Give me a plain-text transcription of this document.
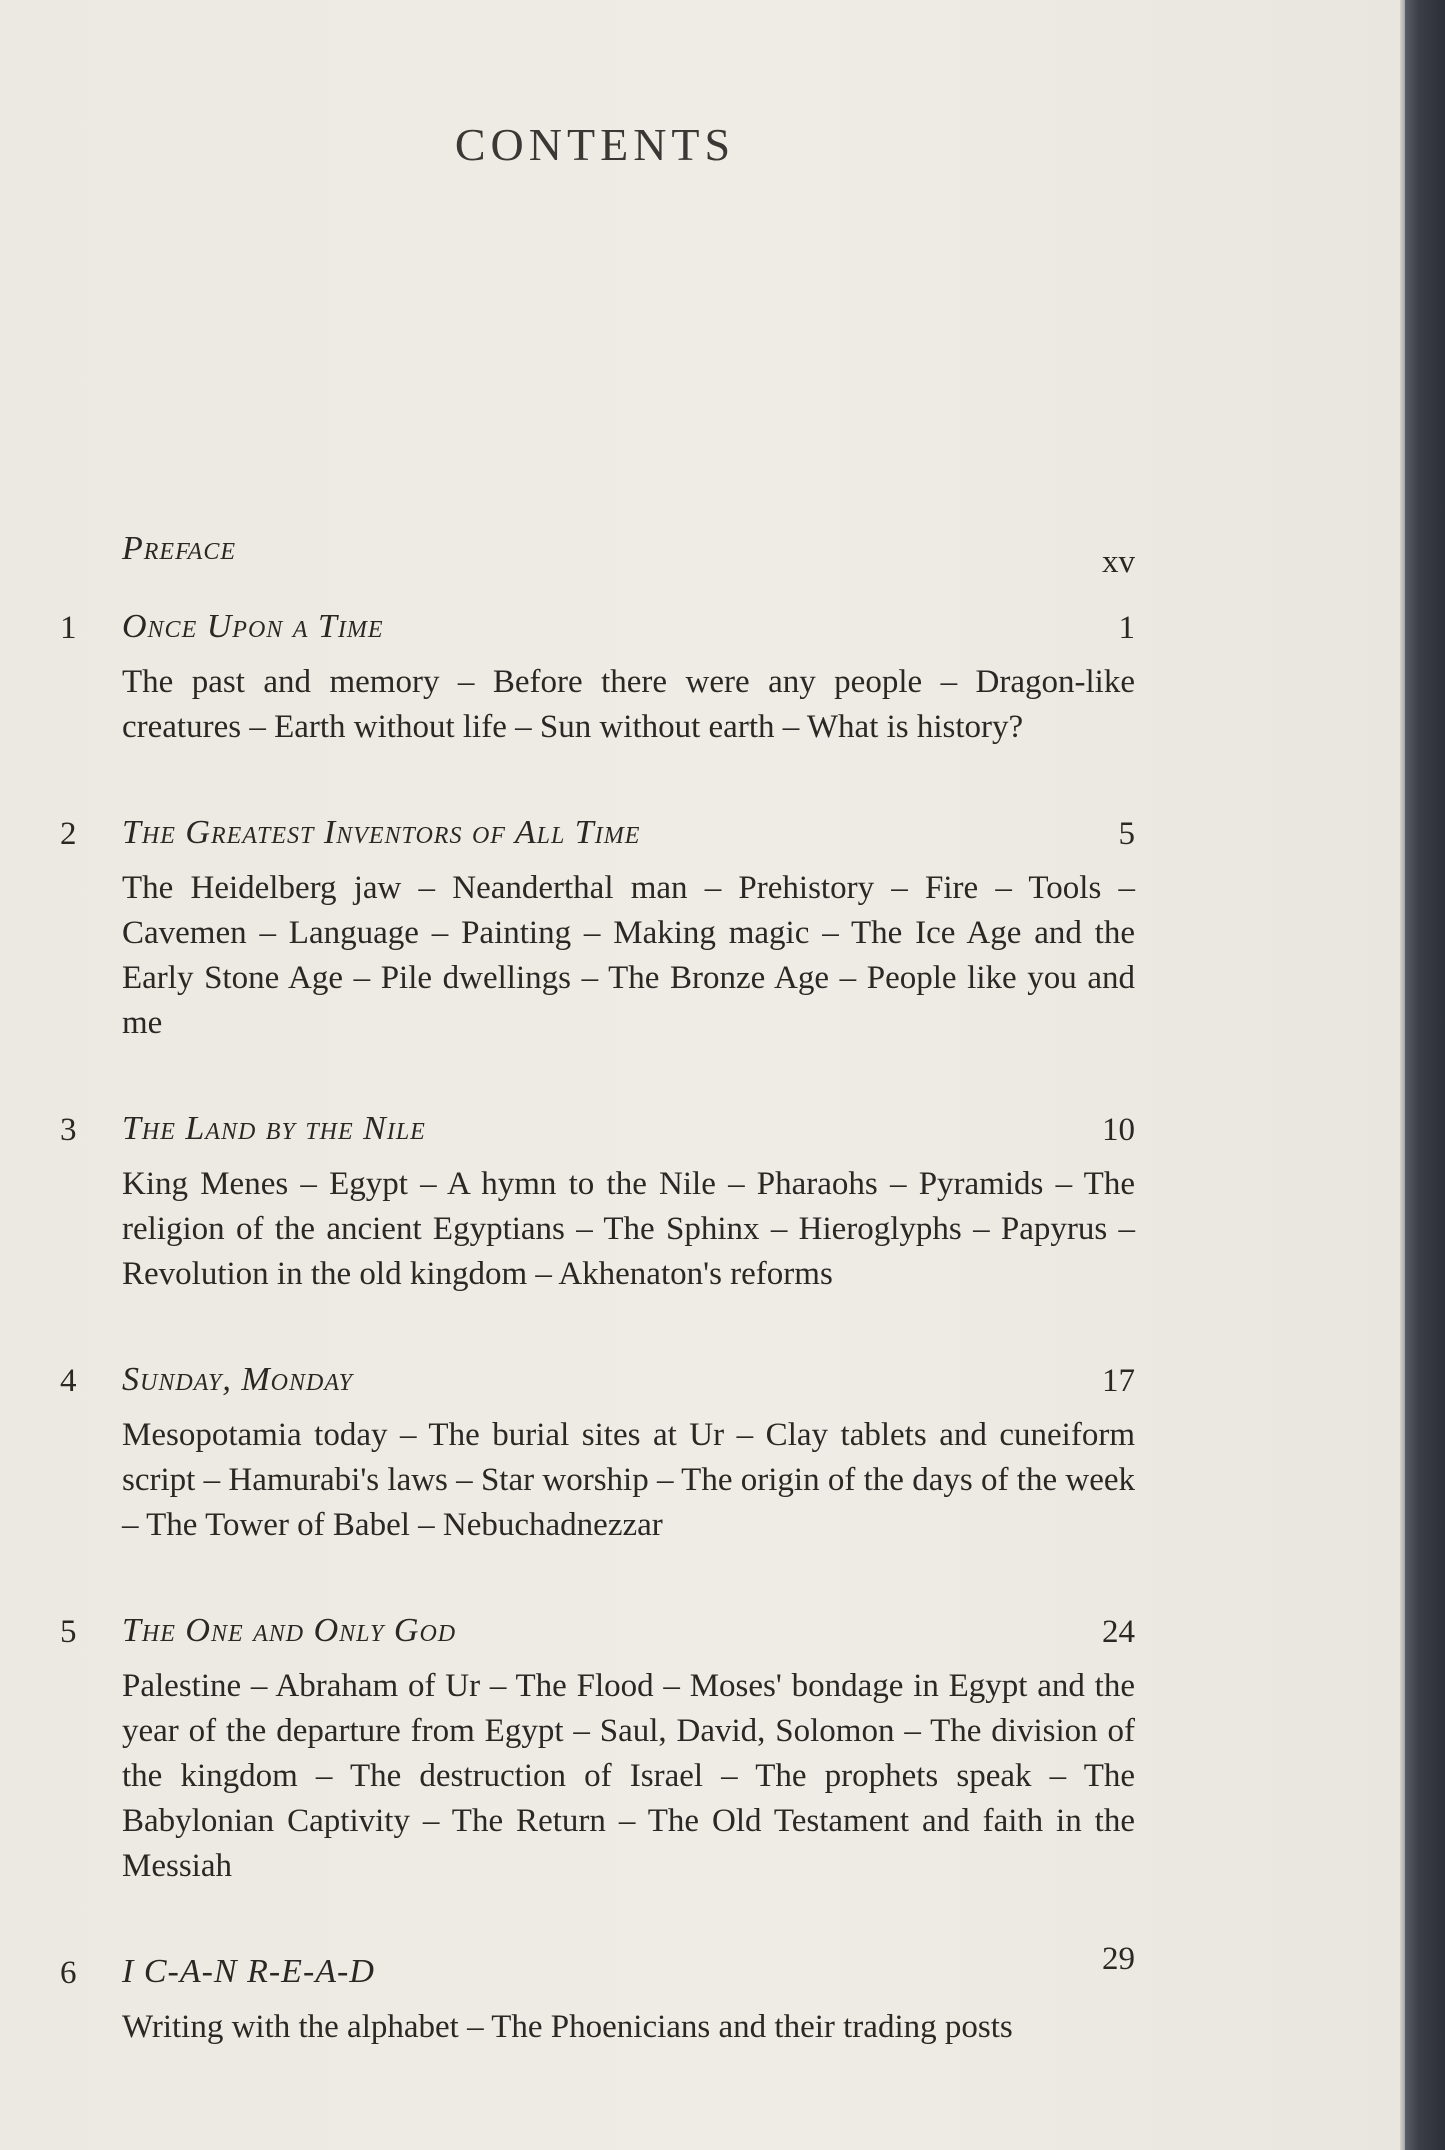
CONTENTS
Preface	xv
1	Once Upon a Time	1
The past and memory – Before there were any people – Dragon-like creatures – Earth without life – Sun without earth – What is history?
2	The Greatest Inventors of All Time	5
The Heidelberg jaw – Neanderthal man – Prehistory – Fire – Tools – Cavemen – Language – Painting – Making magic – The Ice Age and the Early Stone Age – Pile dwellings – The Bronze Age – People like you and me
3	The Land by the Nile	10
King Menes – Egypt – A hymn to the Nile – Pharaohs – Pyramids – The religion of the ancient Egyptians – The Sphinx – Hieroglyphs – Papyrus – Revolution in the old kingdom – Akhenaton's reforms
4	Sunday, Monday	17
Mesopotamia today – The burial sites at Ur – Clay tablets and cuneiform script – Hamurabi's laws – Star worship – The origin of the days of the week – The Tower of Babel – Nebuchadnezzar
5	The One and Only God	24
Palestine – Abraham of Ur – The Flood – Moses' bondage in Egypt and the year of the departure from Egypt – Saul, David, Solomon – The division of the kingdom – The destruction of Israel – The prophets speak – The Babylonian Captivity – The Return – The Old Testament and faith in the Messiah
6	I C-A-N R-E-A-D	29
Writing with the alphabet – The Phoenicians and their trading posts
